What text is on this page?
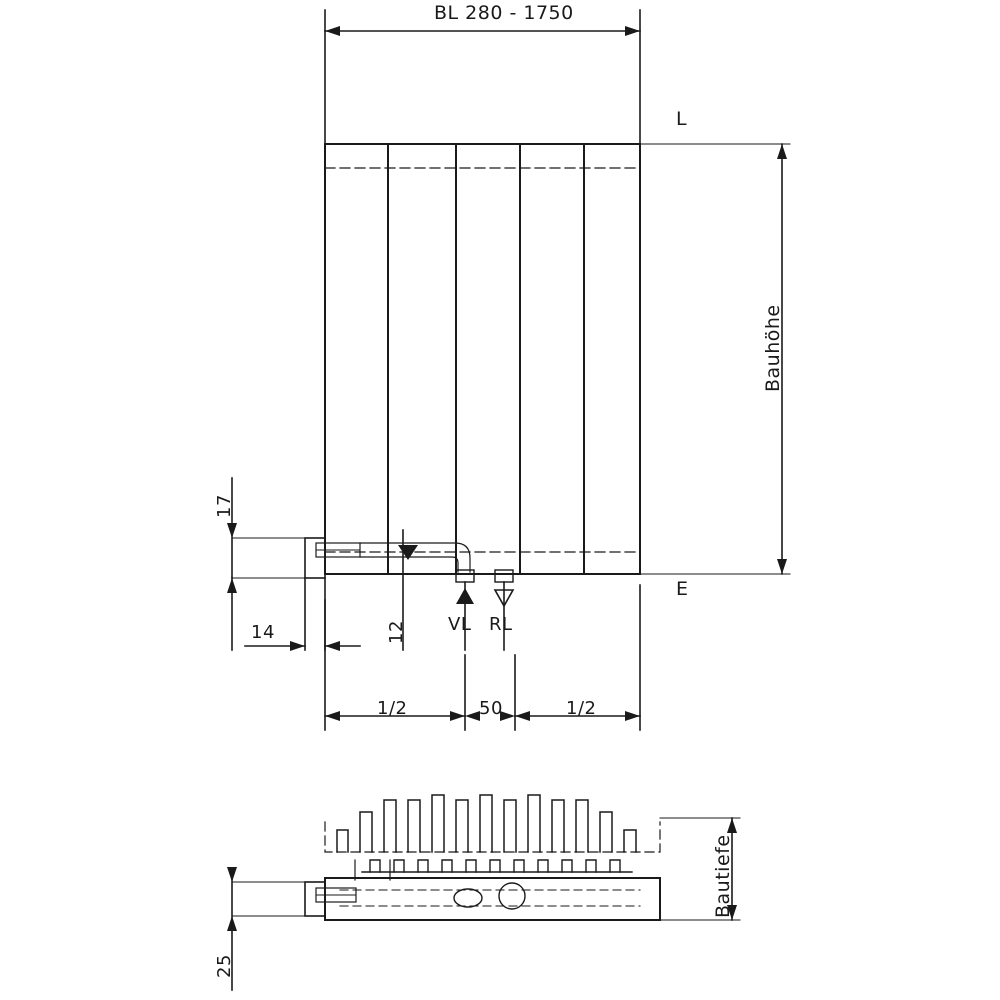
BL 280 - 1750
L
E
Bauhöhe
Bautiefe
17
14	12
25
VL RL
1/2	50	1/2
